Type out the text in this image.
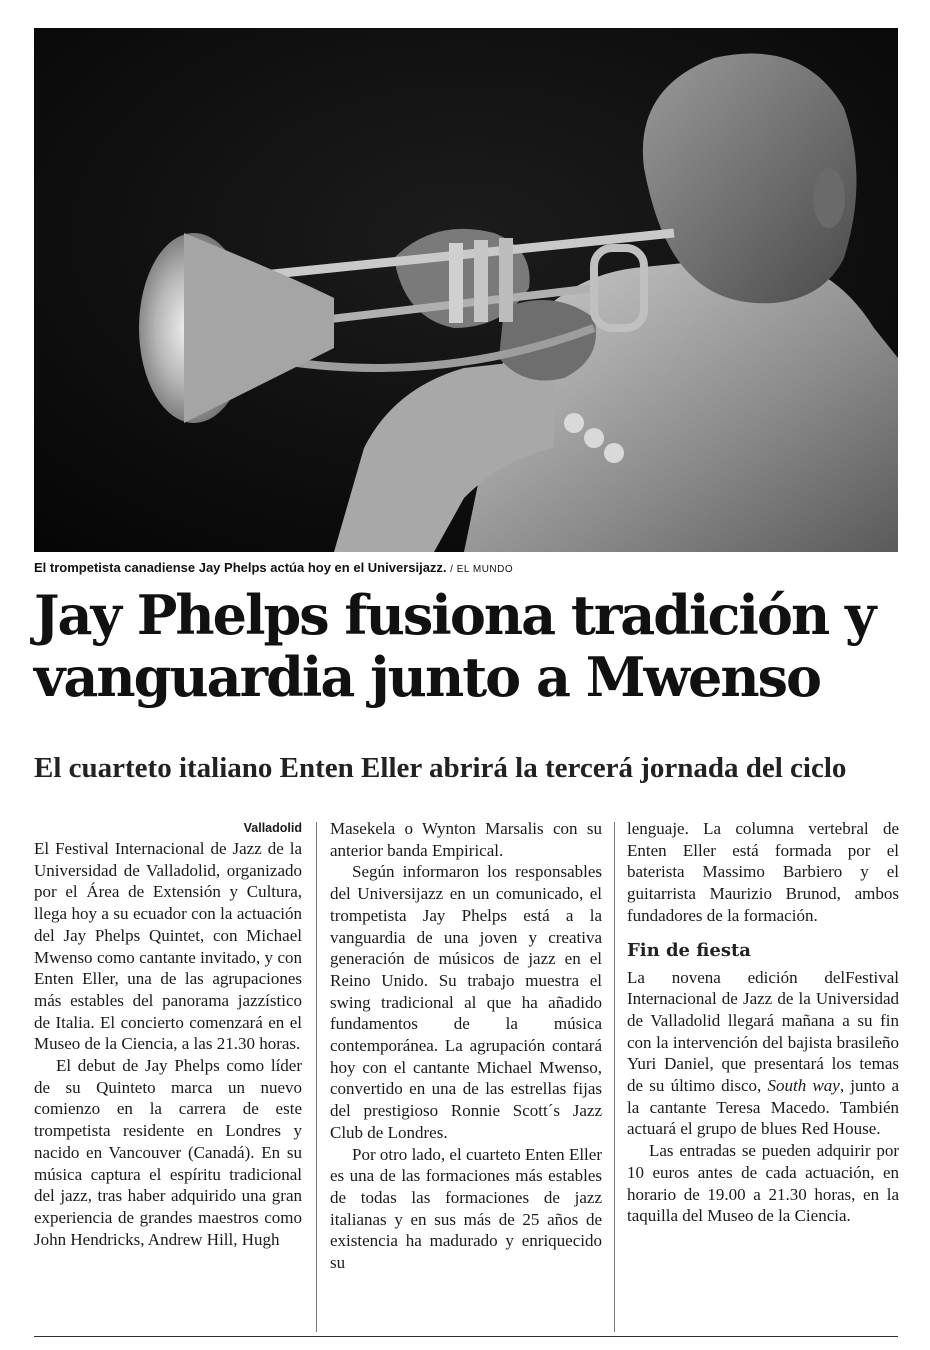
El trompetista canadiense Jay Phelps actúa hoy en el Universijazz. / EL MUNDO
Jay Phelps fusiona tradición y
vanguardia junto a Mwenso
El cuarteto italiano Enten Eller abrirá la tercerá jornada del ciclo
Valladolid

El Festival Internacional de Jazz de la Universidad de Valladolid, organizado por el Área de Extensión y Cultura, llega hoy a su ecuador con la actuación del Jay Phelps Quintet, con Michael Mwenso como cantante invitado, y con Enten Eller, una de las agrupaciones más estables del panorama jazzístico de Italia. El concierto comenzará en el Museo de la Ciencia, a las 21.30 horas.

El debut de Jay Phelps como líder de su Quinteto marca un nuevo comienzo en la carrera de este trompetista residente en Londres y nacido en Vancouver (Canadá). En su música captura el espíritu tradicional del jazz, tras haber adquirido una gran experiencia de grandes maestros como John Hendricks, Andrew Hill, Hugh

Masekela o Wynton Marsalis con su anterior banda Empirical.

Según informaron los responsables del Universijazz en un comunicado, el trompetista Jay Phelps está a la vanguardia de una joven y creativa generación de músicos de jazz en el Reino Unido. Su trabajo muestra el swing tradicional al que ha añadido fundamentos de la música contemporánea. La agrupación contará hoy con el cantante Michael Mwenso, convertido en una de las estrellas fijas del prestigioso Ronnie Scott´s Jazz Club de Londres.

Por otro lado, el cuarteto Enten Eller es una de las formaciones más estables de todas las formaciones de jazz italianas y en sus más de 25 años de existencia ha madurado y enriquecido su

lenguaje. La columna vertebral de Enten Eller está formada por el baterista Massimo Barbiero y el guitarrista Maurizio Brunod, ambos fundadores de la formación.

Fin de fiesta

La novena edición delFestival Internacional de Jazz de la Universidad de Valladolid llegará mañana a su fin con la intervención del bajista brasileño Yuri Daniel, que presentará los temas de su último disco, South way, junto a la cantante Teresa Macedo. También actuará el grupo de blues Red House.

Las entradas se pueden adquirir por 10 euros antes de cada actuación, en horario de 19.00 a 21.30 horas, en la taquilla del Museo de la Ciencia.
